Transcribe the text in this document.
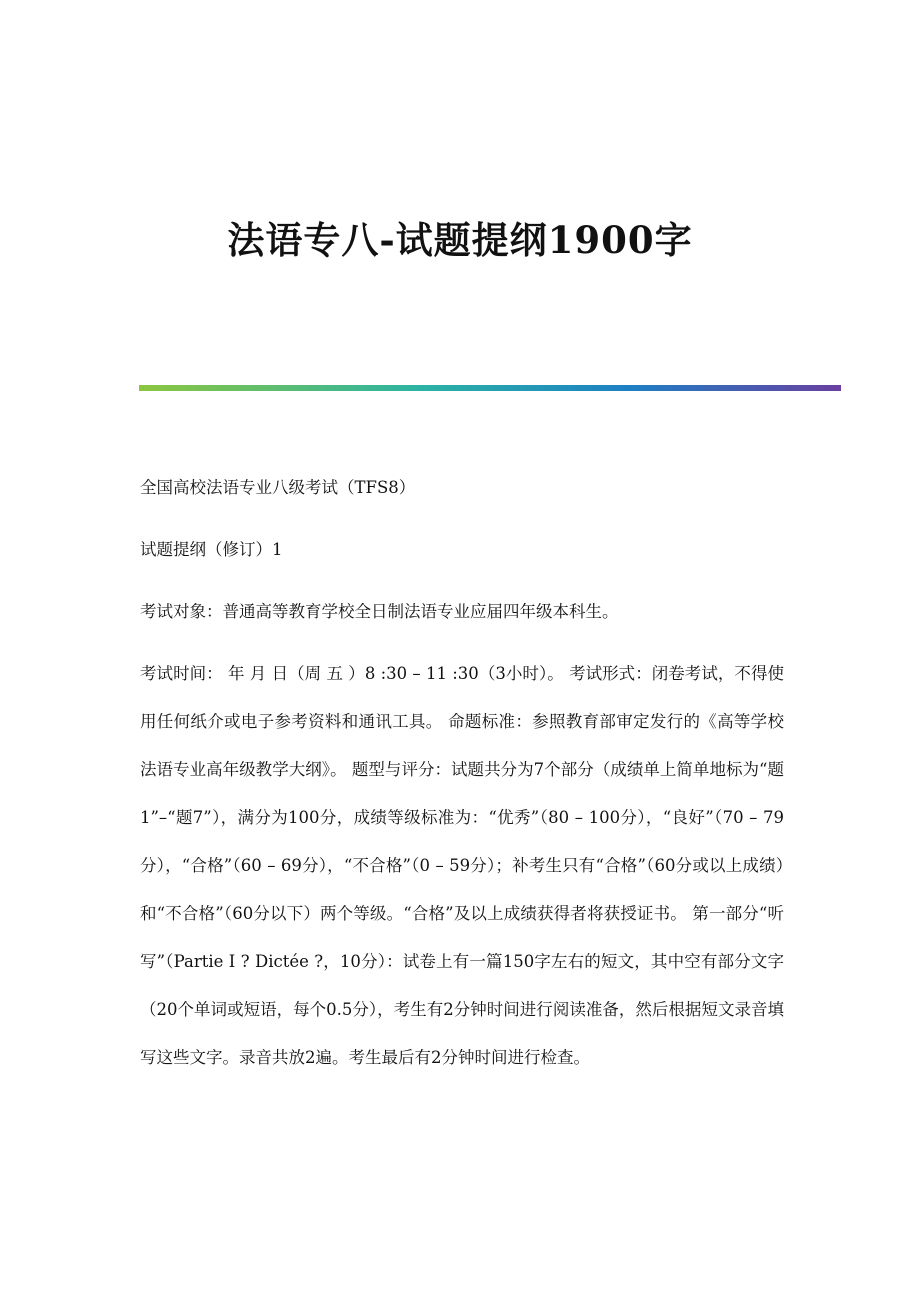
法语专八-试题提纲1900字

全国高校法语专业八级考试（TFS8）

试题提纲（修订）1

考试对象：普通高等教育学校全日制法语专业应届四年级本科生。

考试时间： 年 月 日（周 五 ）8 :30 – 11 :30（3小时）。 考试形式：闭卷考试，不得使用任何纸介或电子参考资料和通讯工具。 命题标准：参照教育部审定发行的《高等学校法语专业高年级教学大纲》。 题型与评分：试题共分为7个部分（成绩单上简单地标为“题1”–“题7”），满分为100分，成绩等级标准为：“优秀”（80 – 100分），“良好”（70 – 79分），“合格”（60 – 69分），“不合格”（0 – 59分）；补考生只有“合格”（60分或以上成绩）和“不合格”（60分以下）两个等级。“合格”及以上成绩获得者将获授证书。 第一部分“听写”（Partie I ? Dictée ?，10分）：试卷上有一篇150字左右的短文，其中空有部分文字（20个单词或短语，每个0.5分），考生有2分钟时间进行阅读准备，然后根据短文录音填写这些文字。录音共放2遍。考生最后有2分钟时间进行检查。
